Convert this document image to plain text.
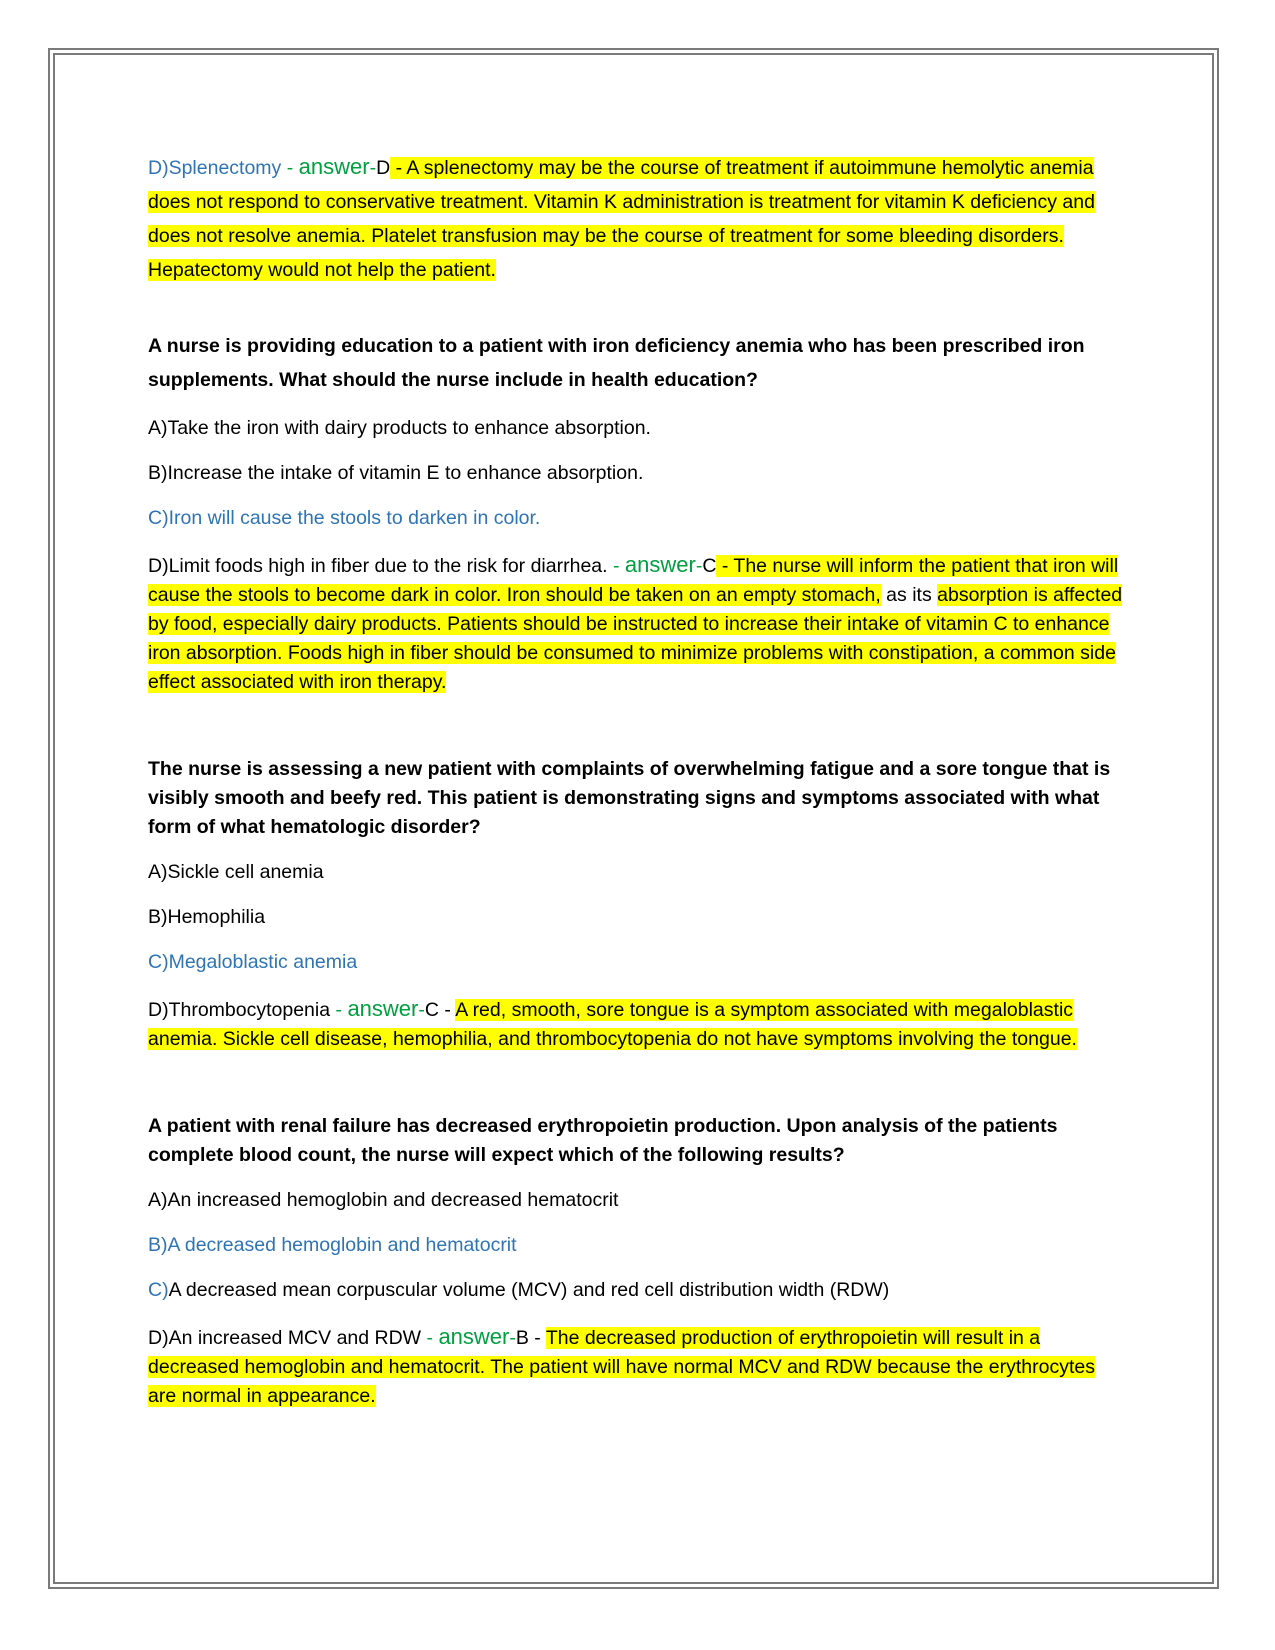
D)Splenectomy - answer-D - A splenectomy may be the course of treatment if autoimmune hemolytic anemia does not respond to conservative treatment. Vitamin K administration is treatment for vitamin K deficiency and does not resolve anemia. Platelet transfusion may be the course of treatment for some bleeding disorders. Hepatectomy would not help the patient.

A nurse is providing education to a patient with iron deficiency anemia who has been prescribed iron supplements. What should the nurse include in health education?

A)Take the iron with dairy products to enhance absorption.

B)Increase the intake of vitamin E to enhance absorption.

C)Iron will cause the stools to darken in color.

D)Limit foods high in fiber due to the risk for diarrhea. - answer-C - The nurse will inform the patient that iron will cause the stools to become dark in color. Iron should be taken on an empty stomach, as its absorption is affected by food, especially dairy products. Patients should be instructed to increase their intake of vitamin C to enhance iron absorption. Foods high in fiber should be consumed to minimize problems with constipation, a common side effect associated with iron therapy.

The nurse is assessing a new patient with complaints of overwhelming fatigue and a sore tongue that is visibly smooth and beefy red. This patient is demonstrating signs and symptoms associated with what form of what hematologic disorder?

A)Sickle cell anemia

B)Hemophilia

C)Megaloblastic anemia

D)Thrombocytopenia - answer-C - A red, smooth, sore tongue is a symptom associated with megaloblastic anemia. Sickle cell disease, hemophilia, and thrombocytopenia do not have symptoms involving the tongue.

A patient with renal failure has decreased erythropoietin production. Upon analysis of the patients complete blood count, the nurse will expect which of the following results?

A)An increased hemoglobin and decreased hematocrit

B)A decreased hemoglobin and hematocrit

C)A decreased mean corpuscular volume (MCV) and red cell distribution width (RDW)

D)An increased MCV and RDW - answer-B - The decreased production of erythropoietin will result in a decreased hemoglobin and hematocrit. The patient will have normal MCV and RDW because the erythrocytes are normal in appearance.
